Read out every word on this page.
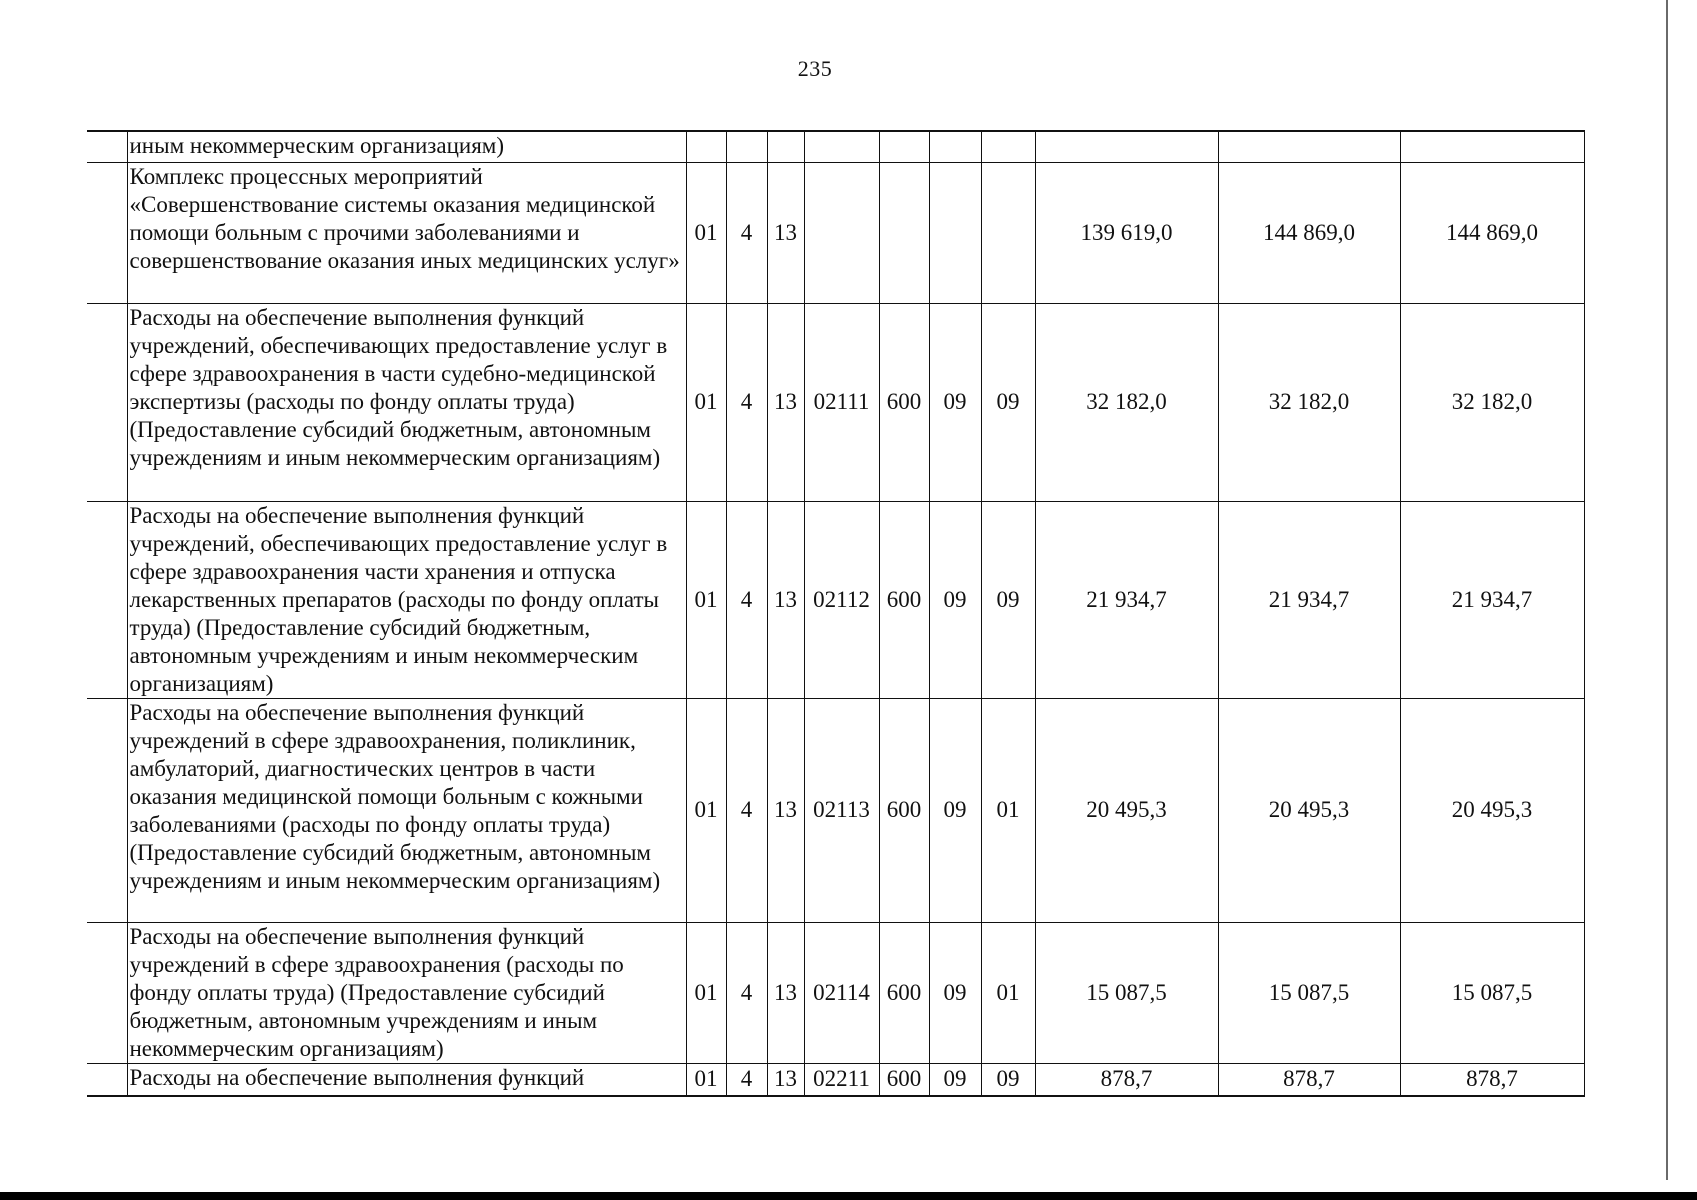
235
	иным некоммерческим организациям)										
	Комплекс процессных мероприятий «Совершенствование системы оказания медицинской помощи больным с прочими заболеваниями и совершенствование оказания иных медицинских услуг»	01	4	13					139 619,0	144 869,0	144 869,0
	Расходы на обеспечение выполнения функций учреждений, обеспечивающих предоставление услуг в сфере здравоохранения в части судебно-медицинской экспертизы (расходы по фонду оплаты труда) (Предоставление субсидий бюджетным, автономным учреждениям и иным некоммерческим организациям)	01	4	13	02111	600	09	09	32 182,0	32 182,0	32 182,0
	Расходы на обеспечение выполнения функций учреждений, обеспечивающих предоставление услуг в сфере здравоохранения части хранения и отпуска лекарственных препаратов (расходы по фонду оплаты труда) (Предоставление субсидий бюджетным, автономным учреждениям и иным некоммерческим организациям)	01	4	13	02112	600	09	09	21 934,7	21 934,7	21 934,7
	Расходы на обеспечение выполнения функций учреждений в сфере здравоохранения, поликлиник, амбулаторий, диагностических центров в части оказания медицинской помощи больным с кожными заболеваниями (расходы по фонду оплаты труда) (Предоставление субсидий бюджетным, автономным учреждениям и иным некоммерческим организациям)	01	4	13	02113	600	09	01	20 495,3	20 495,3	20 495,3
	Расходы на обеспечение выполнения функций учреждений в сфере здравоохранения (расходы по фонду оплаты труда) (Предоставление субсидий бюджетным, автономным учреждениям и иным некоммерческим организациям)	01	4	13	02114	600	09	01	15 087,5	15 087,5	15 087,5
	Расходы на обеспечение выполнения функций	01	4	13	02211	600	09	09	878,7	878,7	878,7
